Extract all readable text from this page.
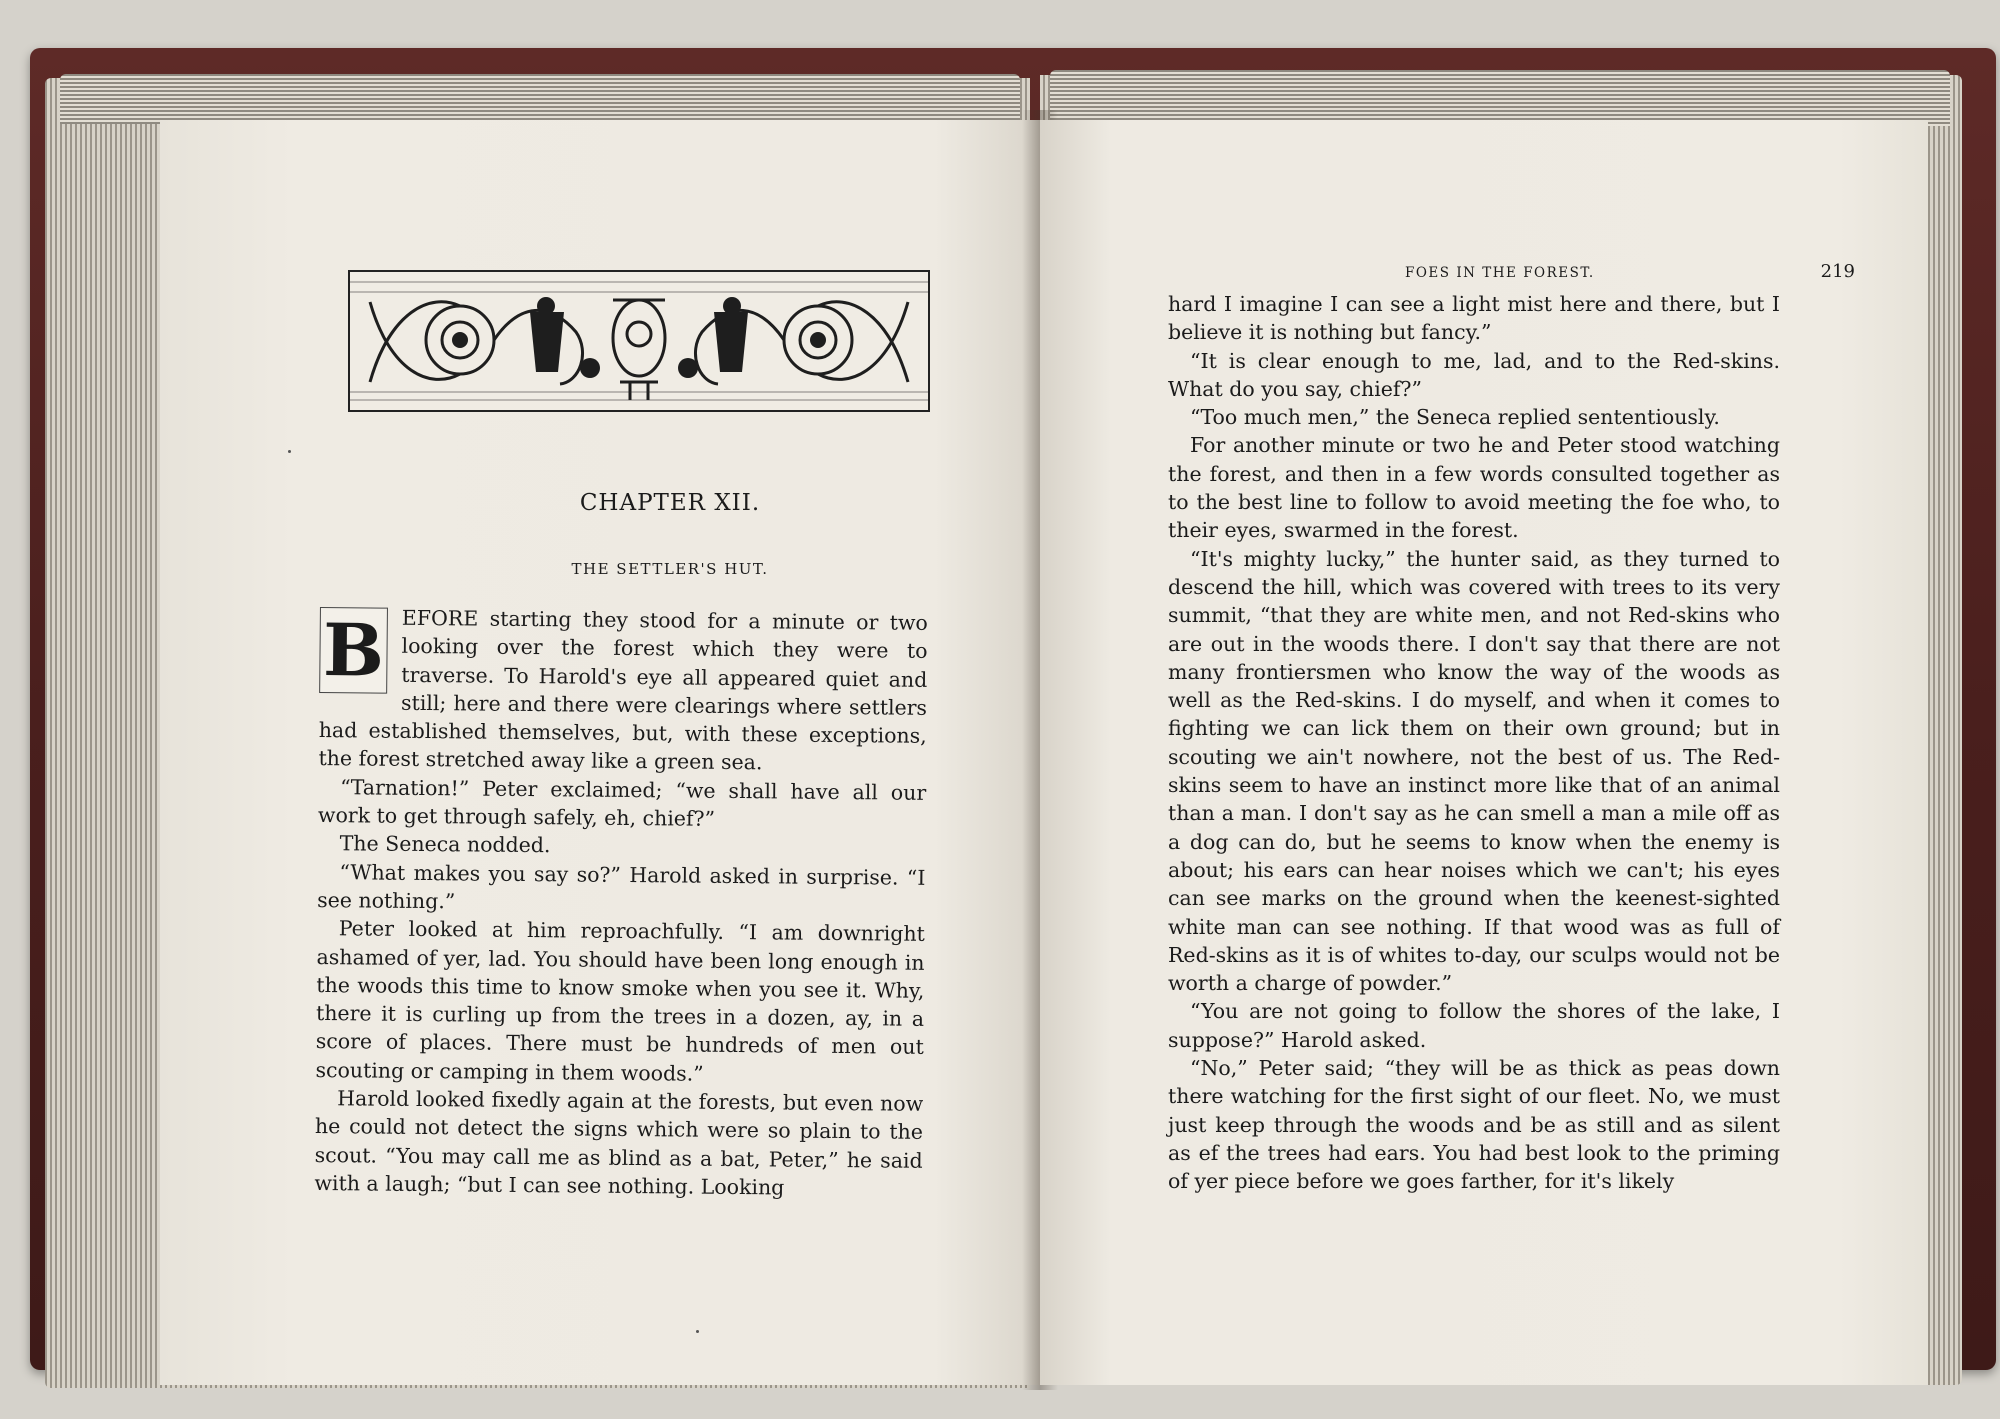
CHAPTER XII.
THE SETTLER'S HUT.
B EFORE starting they stood for a minute or two looking over the forest which they were to traverse. To Harold's eye all appeared quiet and still; here and there were clearings where settlers had established themselves, but, with these exceptions, the forest stretched away like a green sea.

“Tarnation!” Peter exclaimed; “we shall have all our work to get through safely, eh, chief?”

The Seneca nodded.

“What makes you say so?” Harold asked in surprise. “I see nothing.”

Peter looked at him reproachfully. “I am downright ashamed of yer, lad. You should have been long enough in the woods this time to know smoke when you see it. Why, there it is curling up from the trees in a dozen, ay, in a score of places. There must be hundreds of men out scouting or camping in them woods.”

Harold looked fixedly again at the forests, but even now he could not detect the signs which were so plain to the scout. “You may call me as blind as a bat, Peter,” he said with a laugh; “but I can see nothing. Looking

FOES IN THE FOREST.	219

hard I imagine I can see a light mist here and there, but I believe it is nothing but fancy.”

“It is clear enough to me, lad, and to the Red-skins. What do you say, chief?”

“Too much men,” the Seneca replied sententiously.

For another minute or two he and Peter stood watching the forest, and then in a few words consulted together as to the best line to follow to avoid meeting the foe who, to their eyes, swarmed in the forest.

“It's mighty lucky,” the hunter said, as they turned to descend the hill, which was covered with trees to its very summit, “that they are white men, and not Red-skins who are out in the woods there. I don't say that there are not many frontiersmen who know the way of the woods as well as the Red-skins. I do myself, and when it comes to fighting we can lick them on their own ground; but in scouting we ain't nowhere, not the best of us. The Red-skins seem to have an instinct more like that of an animal than a man. I don't say as he can smell a man a mile off as a dog can do, but he seems to know when the enemy is about; his ears can hear noises which we can't; his eyes can see marks on the ground when the keenest-sighted white man can see nothing. If that wood was as full of Red-skins as it is of whites to-day, our sculps would not be worth a charge of powder.”

“You are not going to follow the shores of the lake, I suppose?” Harold asked.

“No,” Peter said; “they will be as thick as peas down there watching for the first sight of our fleet. No, we must just keep through the woods and be as still and as silent as ef the trees had ears. You had best look to the priming of yer piece before we goes farther, for it's likely
